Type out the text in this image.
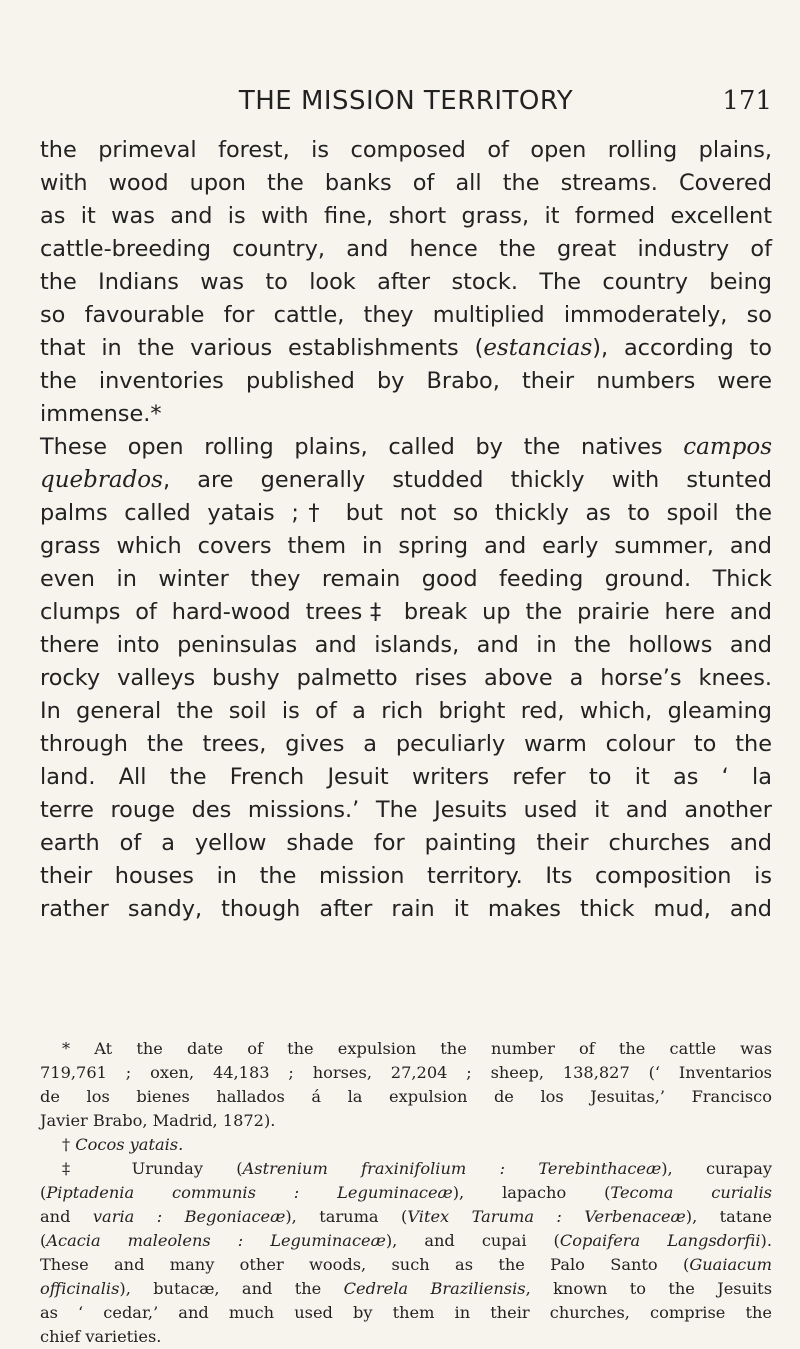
THE MISSION TERRITORY	171

the primeval forest, is composed of open rolling plains,
with wood upon the banks of all the streams. Covered
as it was and is with fine, short grass, it formed excellent
cattle-breeding country, and hence the great industry of
the Indians was to look after stock. The country being
so favourable for cattle, they multiplied immoderately, so
that in the various establishments (estancias), according to
the inventories published by Brabo, their numbers were
immense.*
These open rolling plains, called by the natives campos
quebrados, are generally studded thickly with stunted
palms called yatais ;† but not so thickly as to spoil the
grass which covers them in spring and early summer, and
even in winter they remain good feeding ground. Thick
clumps of hard-wood trees‡ break up the prairie here and
there into peninsulas and islands, and in the hollows and
rocky valleys bushy palmetto rises above a horse’s knees.
In general the soil is of a rich bright red, which, gleaming
through the trees, gives a peculiarly warm colour to the
land. All the French Jesuit writers refer to it as ‘ la
terre rouge des missions.’ The Jesuits used it and another
earth of a yellow shade for painting their churches and
their houses in the mission territory. Its composition is
rather sandy, though after rain it makes thick mud, and

* At the date of the expulsion the number of the cattle was
719,761 ; oxen, 44,183 ; horses, 27,204 ; sheep, 138,827 (‘ Inventarios
de los bienes hallados á la expulsion de los Jesuitas,’ Francisco
Javier Brabo, Madrid, 1872).
† Cocos yatais.
‡ Urunday (Astrenium fraxinifolium : Terebinthaceæ), curapay
(Piptadenia communis : Leguminaceæ), lapacho (Tecoma curialis
and varia : Begoniaceæ), taruma (Vitex Taruma : Verbenaceæ), tatane
(Acacia maleolens : Leguminaceæ), and cupai (Copaifera Langsdorfii).
These and many other woods, such as the Palo Santo (Guaiacum
officinalis), butacæ, and the Cedrela Braziliensis, known to the Jesuits
as ‘ cedar,’ and much used by them in their churches, comprise the
chief varieties.
